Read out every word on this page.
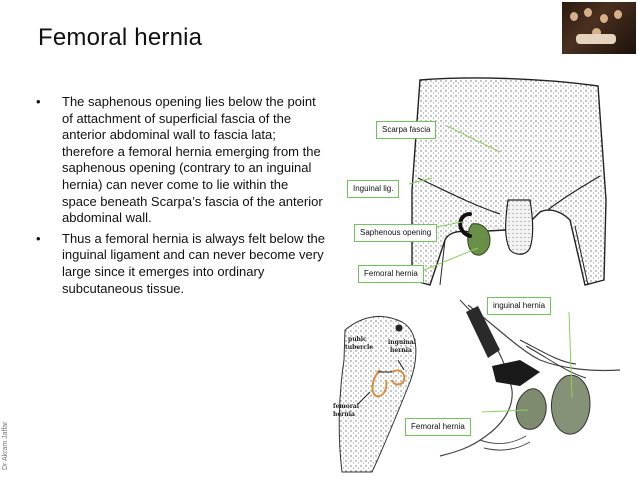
Femoral hernia
Dr Akram Jaffar
• The saphenous opening lies below the point of attachment of superficial fascia of the anterior abdominal wall to fascia lata; therefore a femoral hernia emerging from the saphenous opening (contrary to an inguinal hernia) can never come to lie within the space beneath Scarpa’s fascia of the anterior abdominal wall.
• Thus a femoral hernia is always felt below the inguinal ligament and can never become very large since it emerges into ordinary subcutaneous tissue.
pubic
tubercle
inguinal
hernia
femoral
hernia
Scarpa fascia
Inguinal lig.
Saphenous opening
Femoral hernia
inguinal hernia
Femoral hernia
